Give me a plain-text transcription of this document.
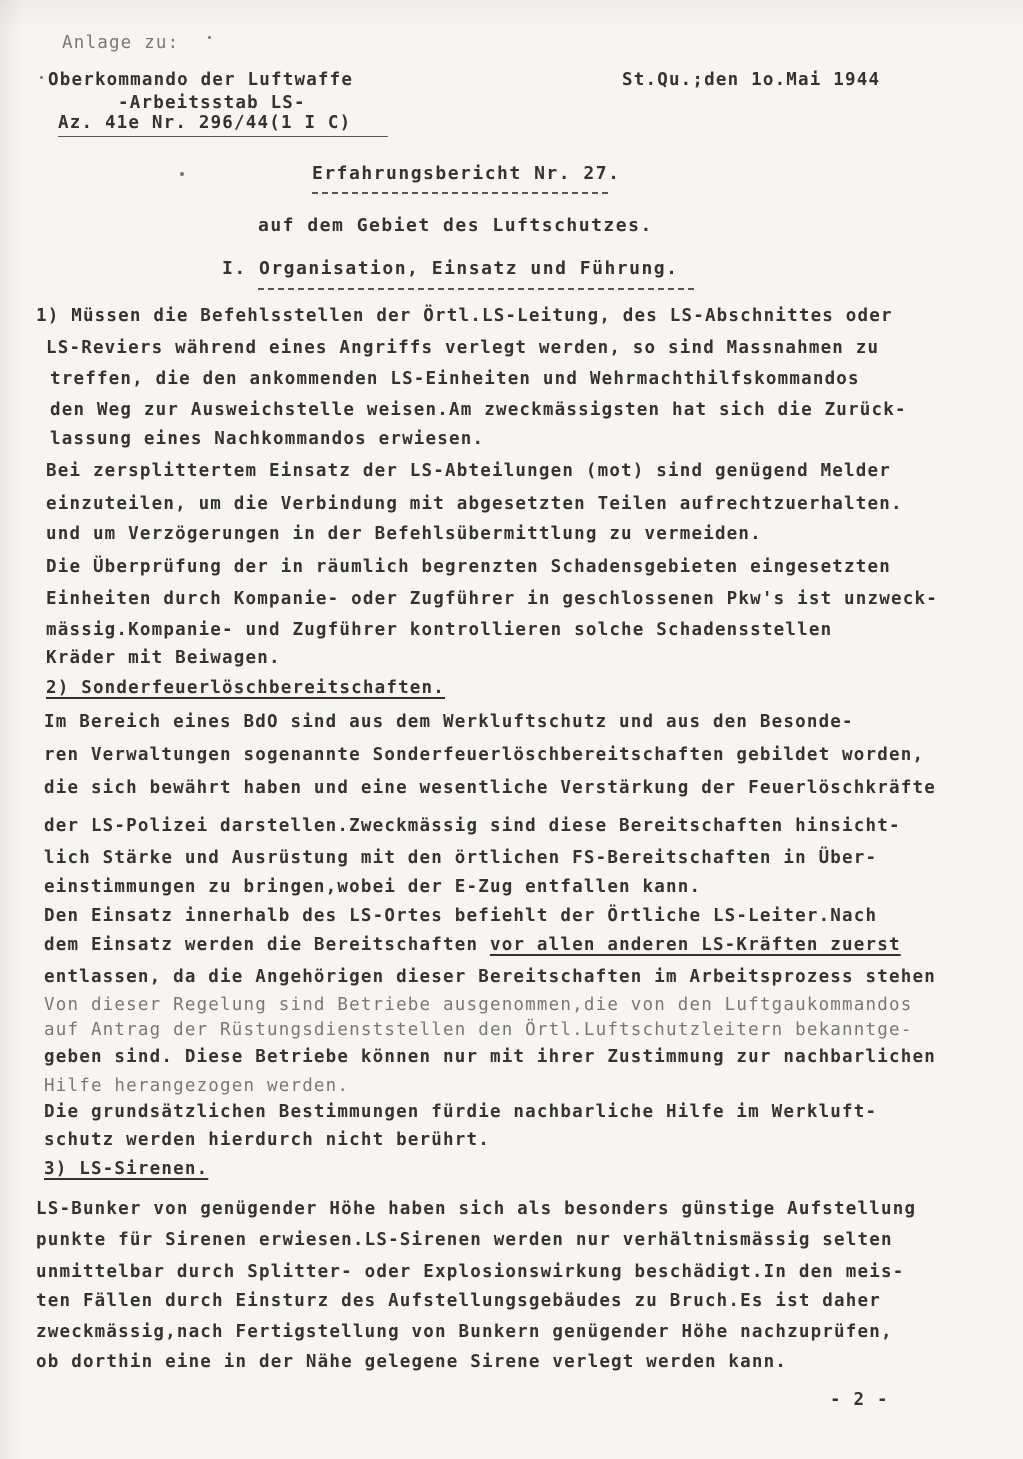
Anlage zu:
Oberkommando der Luftwaffe
-Arbeitsstab LS-
Az. 41e Nr. 296/44(1 I C)
St.Qu.;den 1o.Mai 1944
Erfahrungsbericht Nr. 27.
auf dem Gebiet des Luftschutzes.
I. Organisation, Einsatz und Führung.
1) Müssen die Befehlsstellen der Örtl.LS-Leitung, des LS-Abschnittes oder
LS-Reviers während eines Angriffs verlegt werden, so sind Massnahmen zu
treffen, die den ankommenden LS-Einheiten und Wehrmachthilfskommandos
den Weg zur Ausweichstelle weisen.Am zweckmässigsten hat sich die Zurück-
lassung eines Nachkommandos erwiesen.
Bei zersplittertem Einsatz der LS-Abteilungen (mot) sind genügend Melder
einzuteilen, um die Verbindung mit abgesetzten Teilen aufrechtzuerhalten.
und um Verzögerungen in der Befehlsübermittlung zu vermeiden.
Die Überprüfung der in räumlich begrenzten Schadensgebieten eingesetzten
Einheiten durch Kompanie- oder Zugführer in geschlossenen Pkw's ist unzweck-
mässig.Kompanie- und Zugführer kontrollieren solche Schadensstellen
Kräder mit Beiwagen.
2) Sonderfeuerlöschbereitschaften.
Im Bereich eines BdO sind aus dem Werkluftschutz und aus den Besonde-
ren Verwaltungen sogenannte Sonderfeuerlöschbereitschaften gebildet worden,
die sich bewährt haben und eine wesentliche Verstärkung der Feuerlöschkräfte
der LS-Polizei darstellen.Zweckmässig sind diese Bereitschaften hinsicht-
lich Stärke und Ausrüstung mit den örtlichen FS-Bereitschaften in Über-
einstimmungen zu bringen,wobei der E-Zug entfallen kann.
Den Einsatz innerhalb des LS-Ortes befiehlt der Örtliche LS-Leiter.Nach
dem Einsatz werden die Bereitschaften vor allen anderen LS-Kräften zuerst
entlassen, da die Angehörigen dieser Bereitschaften im Arbeitsprozess stehen
Von dieser Regelung sind Betriebe ausgenommen,die von den Luftgaukommandos
auf Antrag der Rüstungsdienststellen den Örtl.Luftschutzleitern bekanntge-
geben sind. Diese Betriebe können nur mit ihrer Zustimmung zur nachbarlichen
Hilfe herangezogen werden.
Die grundsätzlichen Bestimmungen fürdie nachbarliche Hilfe im Werkluft-
schutz werden hierdurch nicht berührt.
3) LS-Sirenen.
LS-Bunker von genügender Höhe haben sich als besonders günstige Aufstellung
punkte für Sirenen erwiesen.LS-Sirenen werden nur verhältnismässig selten
unmittelbar durch Splitter- oder Explosionswirkung beschädigt.In den meis-
ten Fällen durch Einsturz des Aufstellungsgebäudes zu Bruch.Es ist daher
zweckmässig,nach Fertigstellung von Bunkern genügender Höhe nachzuprüfen,
ob dorthin eine in der Nähe gelegene Sirene verlegt werden kann.
- 2 -
